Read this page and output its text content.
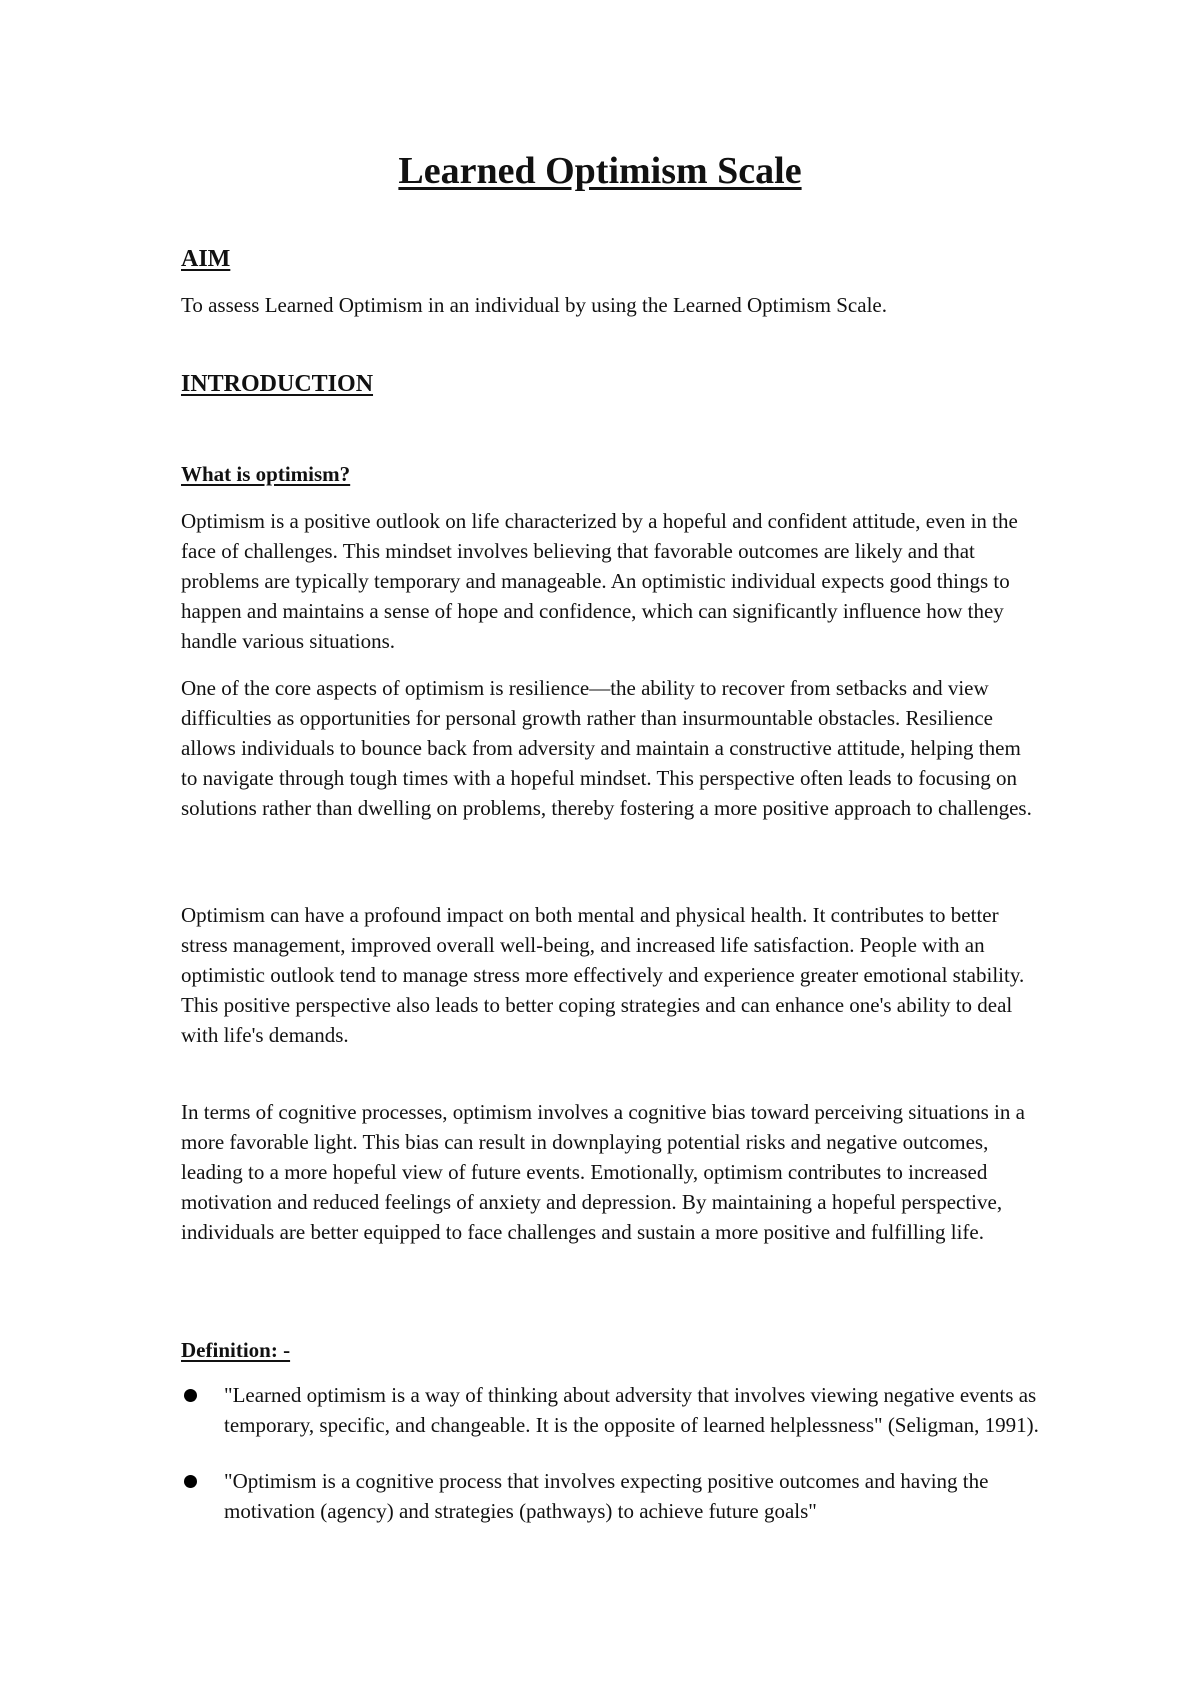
Learned Optimism Scale
AIM

To assess Learned Optimism in an individual by using the Learned Optimism Scale.

INTRODUCTION
What is optimism?

Optimism is a positive outlook on life characterized by a hopeful and confident attitude, even in the face of challenges. This mindset involves believing that favorable outcomes are likely and that problems are typically temporary and manageable. An optimistic individual expects good things to happen and maintains a sense of hope and confidence, which can significantly influence how they handle various situations.

One of the core aspects of optimism is resilience—the ability to recover from setbacks and view difficulties as opportunities for personal growth rather than insurmountable obstacles. Resilience allows individuals to bounce back from adversity and maintain a constructive attitude, helping them to navigate through tough times with a hopeful mindset. This perspective often leads to focusing on solutions rather than dwelling on problems, thereby fostering a more positive approach to challenges.

Optimism can have a profound impact on both mental and physical health. It contributes to better stress management, improved overall well-being, and increased life satisfaction. People with an optimistic outlook tend to manage stress more effectively and experience greater emotional stability. This positive perspective also leads to better coping strategies and can enhance one's ability to deal with life's demands.

In terms of cognitive processes, optimism involves a cognitive bias toward perceiving situations in a more favorable light. This bias can result in downplaying potential risks and negative outcomes, leading to a more hopeful view of future events. Emotionally, optimism contributes to increased motivation and reduced feelings of anxiety and depression. By maintaining a hopeful perspective, individuals are better equipped to face challenges and sustain a more positive and fulfilling life.

Definition: -
"Learned optimism is a way of thinking about adversity that involves viewing negative events as temporary, specific, and changeable. It is the opposite of learned helplessness" (Seligman, 1991).
"Optimism is a cognitive process that involves expecting positive outcomes and having the motivation (agency) and strategies (pathways) to achieve future goals"
